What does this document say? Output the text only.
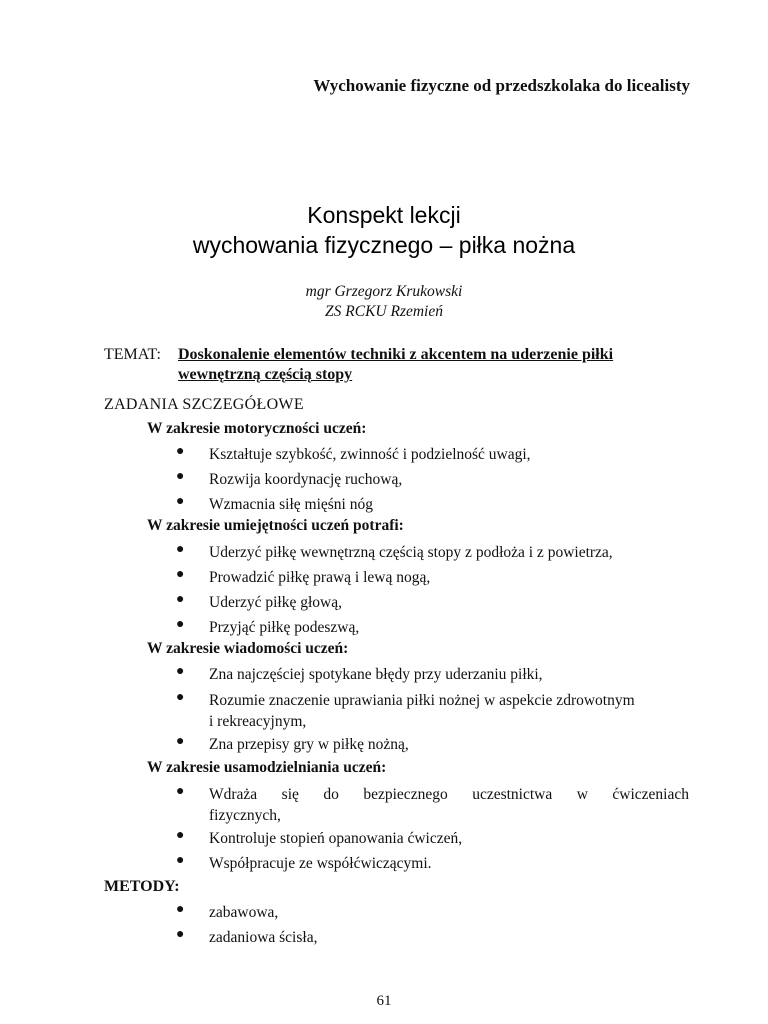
Wychowanie fizyczne od przedszkolaka do licealisty
Konspekt lekcji
wychowania fizycznego – piłka nożna
mgr Grzegorz Krukowski
ZS RCKU Rzemień
TEMAT: Doskonalenie elementów techniki z akcentem na uderzenie piłki
wewnętrzną częścią stopy
ZADANIA SZCZEGÓŁOWE
W zakresie motoryczności uczeń:
● Kształtuje szybkość, zwinność i podzielność uwagi,
● Rozwija koordynację ruchową,
● Wzmacnia siłę mięśni nóg
W zakresie umiejętności uczeń potrafi:
● Uderzyć piłkę wewnętrzną częścią stopy z podłoża i z powietrza,
● Prowadzić piłkę prawą i lewą nogą,
● Uderzyć piłkę głową,
● Przyjąć piłkę podeszwą,
W zakresie wiadomości uczeń:
● Zna najczęściej spotykane błędy przy uderzaniu piłki,
● Rozumie znaczenie uprawiania piłki nożnej w aspekcie zdrowotnym
i rekreacyjnym,
● Zna przepisy gry w piłkę nożną,
W zakresie usamodzielniania uczeń:
● Wdraża się do bezpiecznego uczestnictwa w ćwiczeniach
fizycznych,
● Kontroluje stopień opanowania ćwiczeń,
● Współpracuje ze współćwiczącymi.
METODY:
● zabawowa,
● zadaniowa ścisła,
61
